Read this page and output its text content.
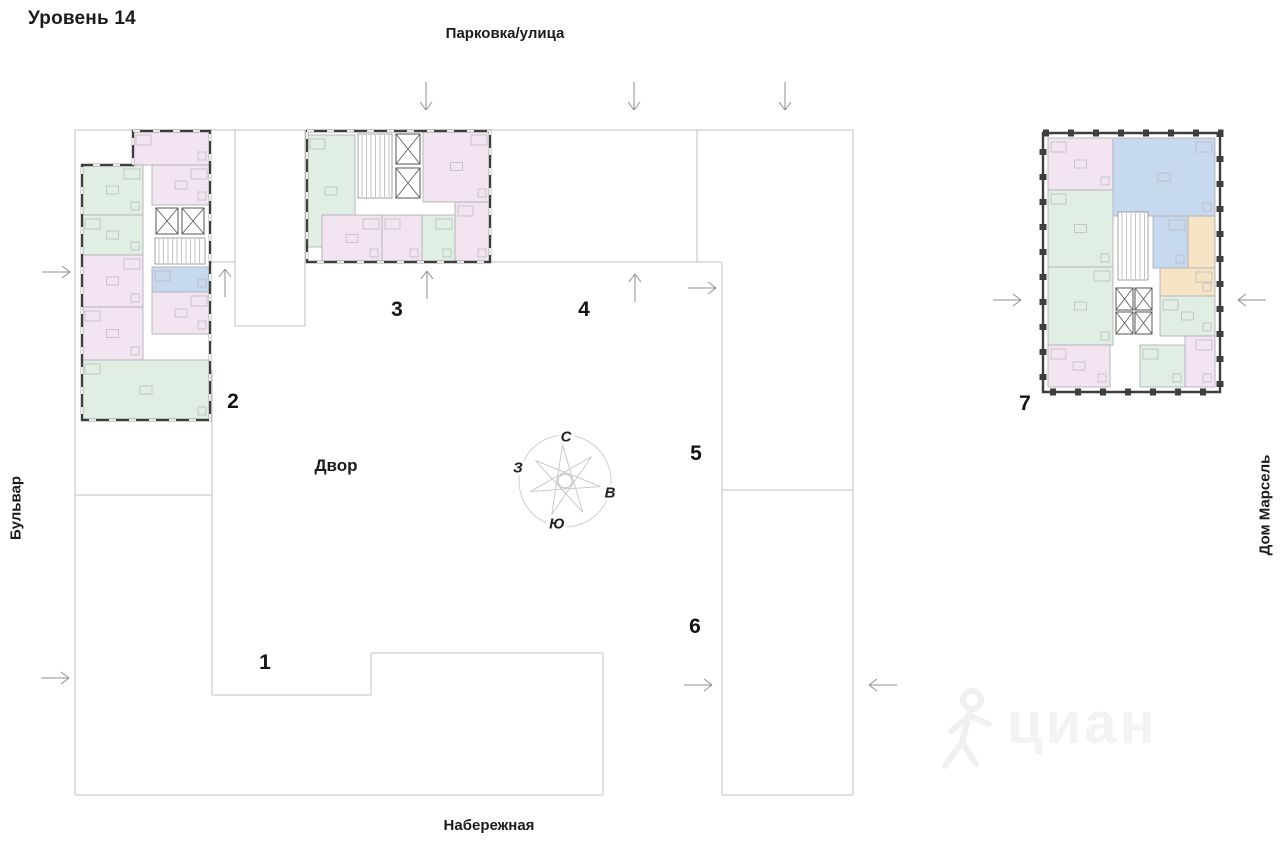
Уровень 14
Парковка/улица
Бульвар	Дом Марсель
Набережная
Двор
С
З
В
Ю
циан
1
2
3	4
5
6
7
